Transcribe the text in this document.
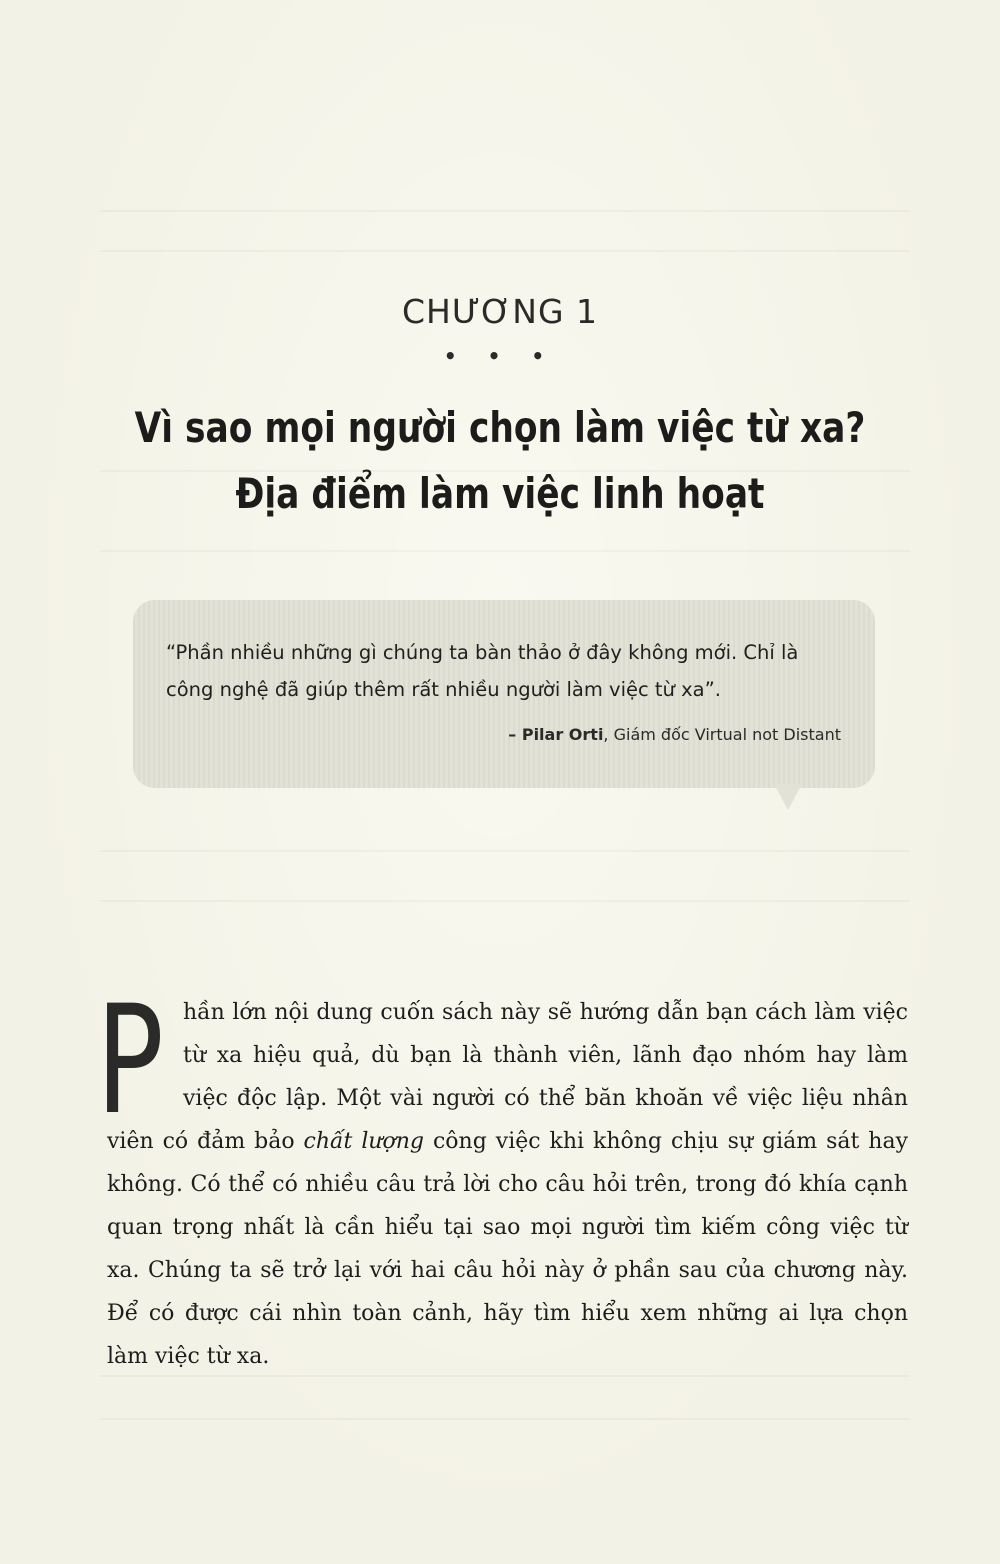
CHƯƠNG 1
• • •
Vì sao mọi người chọn làm việc từ xa?
Địa điểm làm việc linh hoạt
“Phần nhiều những gì chúng ta bàn thảo ở đây không mới. Chỉ là
công nghệ đã giúp thêm rất nhiều người làm việc từ xa”.
– Pilar Orti, Giám đốc Virtual not Distant
P hần lớn nội dung cuốn sách này sẽ hướng dẫn bạn cách làm việc
từ xa hiệu quả, dù bạn là thành viên, lãnh đạo nhóm hay làm
việc độc lập. Một vài người có thể băn khoăn về việc liệu nhân
viên có đảm bảo chất lượng công việc khi không chịu sự giám sát hay
không. Có thể có nhiều câu trả lời cho câu hỏi trên, trong đó khía cạnh
quan trọng nhất là cần hiểu tại sao mọi người tìm kiếm công việc từ
xa. Chúng ta sẽ trở lại với hai câu hỏi này ở phần sau của chương này.
Để có được cái nhìn toàn cảnh, hãy tìm hiểu xem những ai lựa chọn
làm việc từ xa.
